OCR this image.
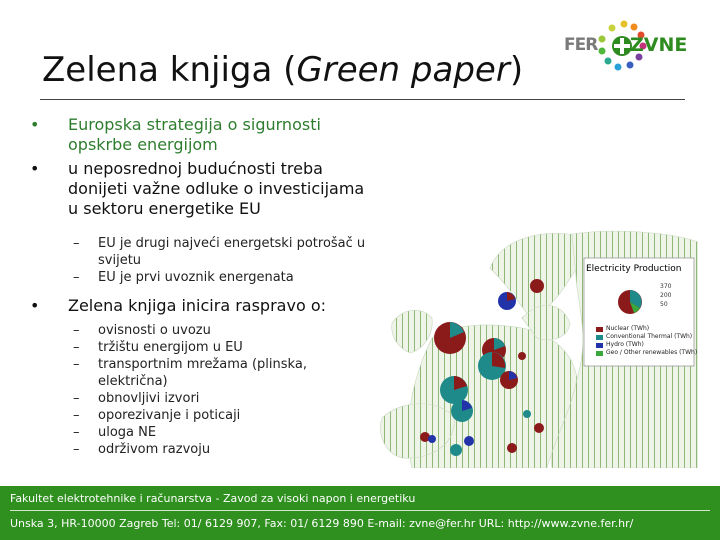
Zelena knjiga (Green paper)
FER ZVNE
• Europska strategija o sigurnosti
opskrbe energijom
• u neposrednoj budućnosti treba
donijeti važne odluke o investicijama
u sektoru energetike EU
– EU je drugi najveći energetski potrošač u
svijetu
– EU je prvi uvoznik energenata
• Zelena knjiga inicira raspravo o:
– ovisnosti o uvozu
– tržištu energijom u EU
– transportnim mrežama (plinska, električna)
– obnovljivi izvori
– oporezivanje i poticaji
– uloga NE
– održivom razvoju
Electricity Production
370
200
50
Nuclear (TWh)
Conventional Thermal (TWh)
Hydro (TWh)
Geo / Other renewables (TWh)
Fakultet elektrotehnike i računarstva - Zavod za visoki napon i energetiku
Unska 3, HR-10000 Zagreb Tel: 01/ 6129 907, Fax: 01/ 6129 890 E-mail: zvne@fer.hr URL: http://www.zvne.fer.hr/
